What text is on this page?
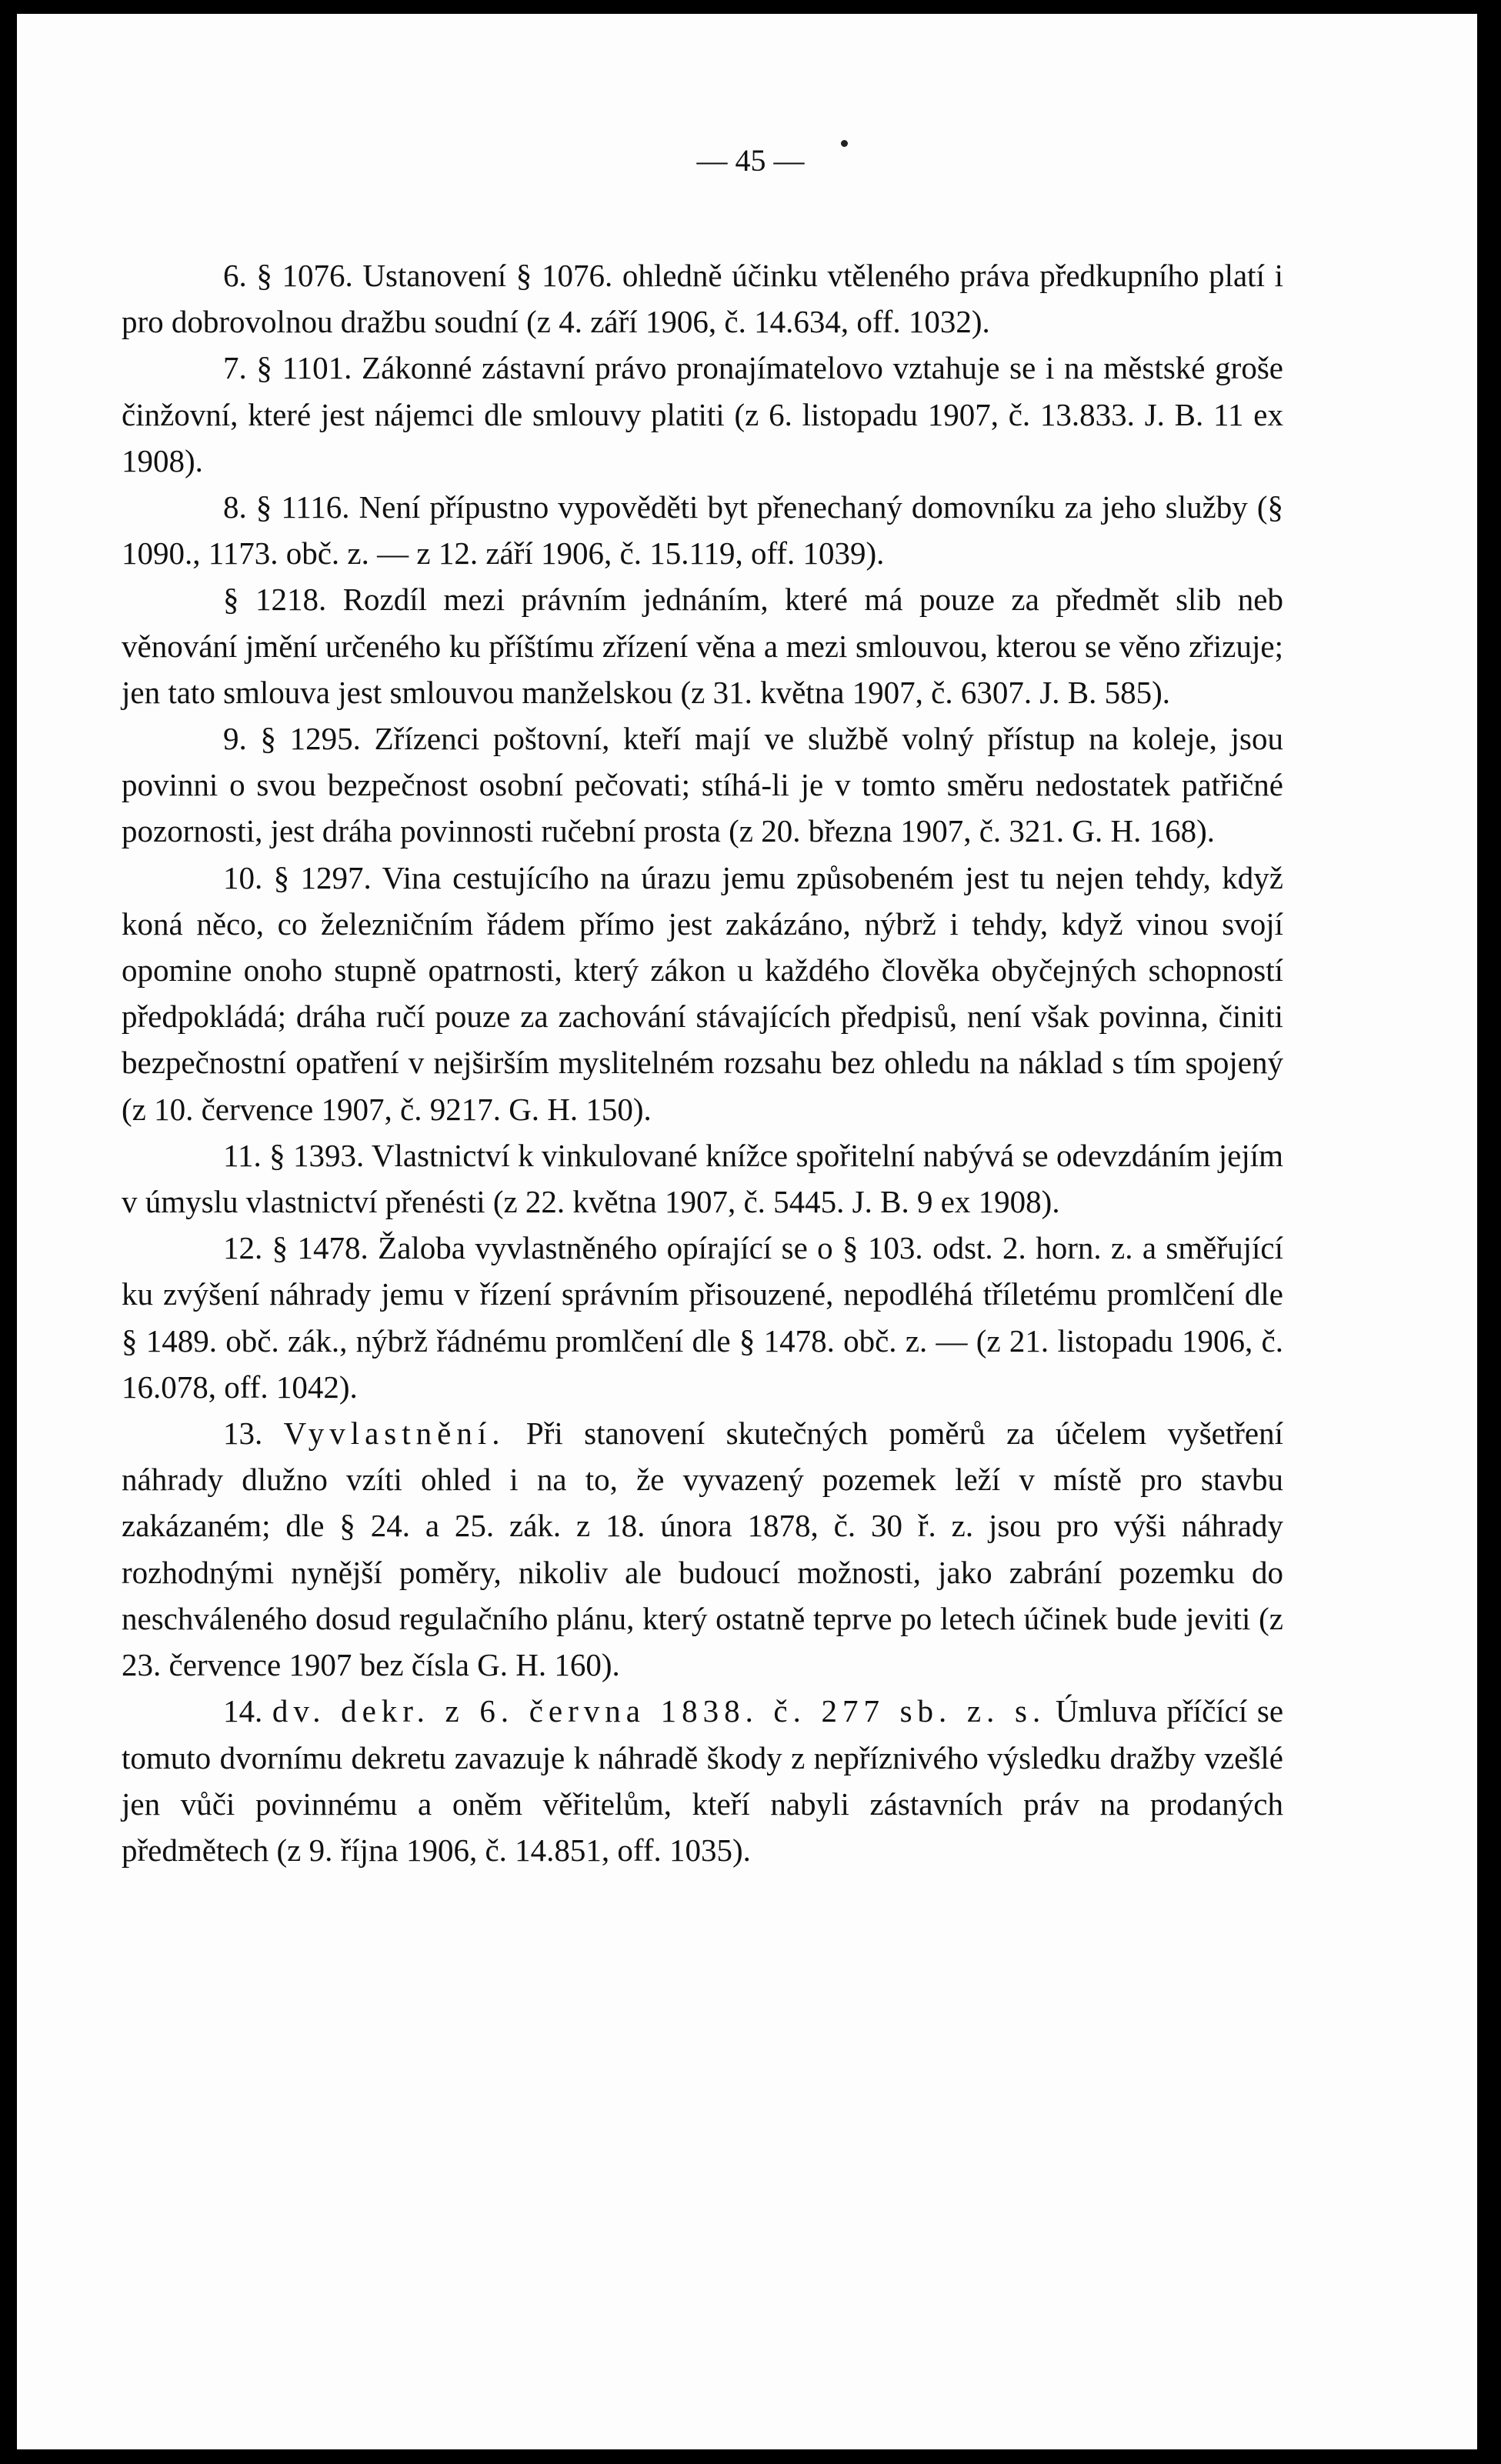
— 45 —

6. § 1076. Ustanovení § 1076. ohledně účinku vtěleného práva předkupního platí i pro dobrovolnou dražbu soudní (z 4. září 1906, č. 14.634, off. 1032).

7. § 1101. Zákonné zástavní právo pronajímatelovo vztahuje se i na městské groše činžovní, které jest nájemci dle smlouvy platiti (z 6. listopadu 1907, č. 13.833. J. B. 11 ex 1908).

8. § 1116. Není přípustno vypověděti byt přenechaný domovníku za jeho služby (§ 1090., 1173. obč. z. — z 12. září 1906, č. 15.119, off. 1039).

§ 1218. Rozdíl mezi právním jednáním, které má pouze za předmět slib neb věnování jmění určeného ku příštímu zřízení věna a mezi smlouvou, kterou se věno zřizuje; jen tato smlouva jest smlouvou manželskou (z 31. května 1907, č. 6307. J. B. 585).

9. § 1295. Zřízenci poštovní, kteří mají ve službě volný přístup na koleje, jsou povinni o svou bezpečnost osobní pečovati; stíhá-li je v tomto směru nedostatek patřičné pozornosti, jest dráha povinnosti ručební prosta (z 20. března 1907, č. 321. G. H. 168).

10. § 1297. Vina cestujícího na úrazu jemu způsobeném jest tu nejen tehdy, když koná něco, co železničním řádem přímo jest zakázáno, nýbrž i tehdy, když vinou svojí opomine onoho stupně opatrnosti, který zákon u každého člověka obyčejných schopností předpokládá; dráha ručí pouze za zachování stávajících předpisů, není však povinna, činiti bezpečnostní opatření v nejširším myslitelném rozsahu bez ohledu na náklad s tím spojený (z 10. července 1907, č. 9217. G. H. 150).

11. § 1393. Vlastnictví k vinkulované knížce spořitelní nabývá se odevzdáním jejím v úmyslu vlastnictví přenésti (z 22. května 1907, č. 5445. J. B. 9 ex 1908).

12. § 1478. Žaloba vyvlastněného opírající se o § 103. odst. 2. horn. z. a směřující ku zvýšení náhrady jemu v řízení správním přisouzené, nepodléhá tříletému promlčení dle § 1489. obč. zák., nýbrž řádnému promlčení dle § 1478. obč. z. — (z 21. listopadu 1906, č. 16.078, off. 1042).

13. Vyvlastnění. Při stanovení skutečných poměrů za účelem vyšetření náhrady dlužno vzíti ohled i na to, že vyvazený pozemek leží v místě pro stavbu zakázaném; dle § 24. a 25. zák. z 18. února 1878, č. 30 ř. z. jsou pro výši náhrady rozhodnými nynější poměry, nikoliv ale budoucí možnosti, jako zabrání pozemku do neschváleného dosud regulačního plánu, který ostatně teprve po letech účinek bude jeviti (z 23. července 1907 bez čísla G. H. 160).

14. dv. dekr. z 6. června 1838. č. 277 sb. z. s. Úmluva příčící se tomuto dvornímu dekretu zavazuje k náhradě škody z nepříznivého výsledku dražby vzešlé jen vůči povinnému a oněm věřitelům, kteří nabyli zástavních práv na prodaných předmětech (z 9. října 1906, č. 14.851, off. 1035).
